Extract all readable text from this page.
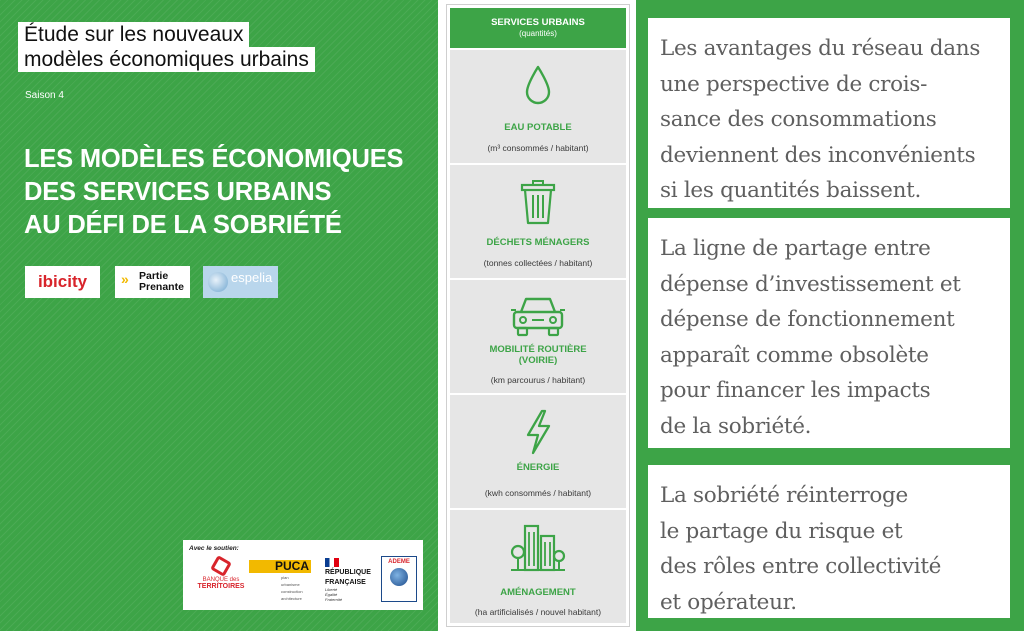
Étude sur les nouveaux
modèles économiques urbains
Saison 4
LES MODÈLES ÉCONOMIQUES
DES SERVICES URBAINS
AU DÉFI DE LA SOBRIÉTÉ
ibicity	» Partie
Prenante
espelia
Avec le soutien:
BANQUE des
TERRITOIRES
PUCA
plan
urbanisme
construction
architecture
RÉPUBLIQUE
FRANÇAISE
Liberté
Égalité
Fraternité
ADEME
SERVICES URBAINS
(quantités)
EAU POTABLE
(m³ consommés / habitant)
DÉCHETS MÉNAGERS
(tonnes collectées / habitant)
MOBILITÉ ROUTIÈRE
(VOIRIE)
(km parcourus / habitant)
ÉNERGIE
(kwh consommés / habitant)
AMÉNAGEMENT
(ha artificialisés / nouvel habitant)
Les avantages du réseau dans
une perspective de crois-
sance des consommations
deviennent des inconvénients
si les quantités baissent.
La ligne de partage entre
dépense d’investissement et
dépense de fonctionnement
apparaît comme obsolète
pour financer les impacts
de la sobriété.
La sobriété réinterroge
le partage du risque et
des rôles entre collectivité
et opérateur.
